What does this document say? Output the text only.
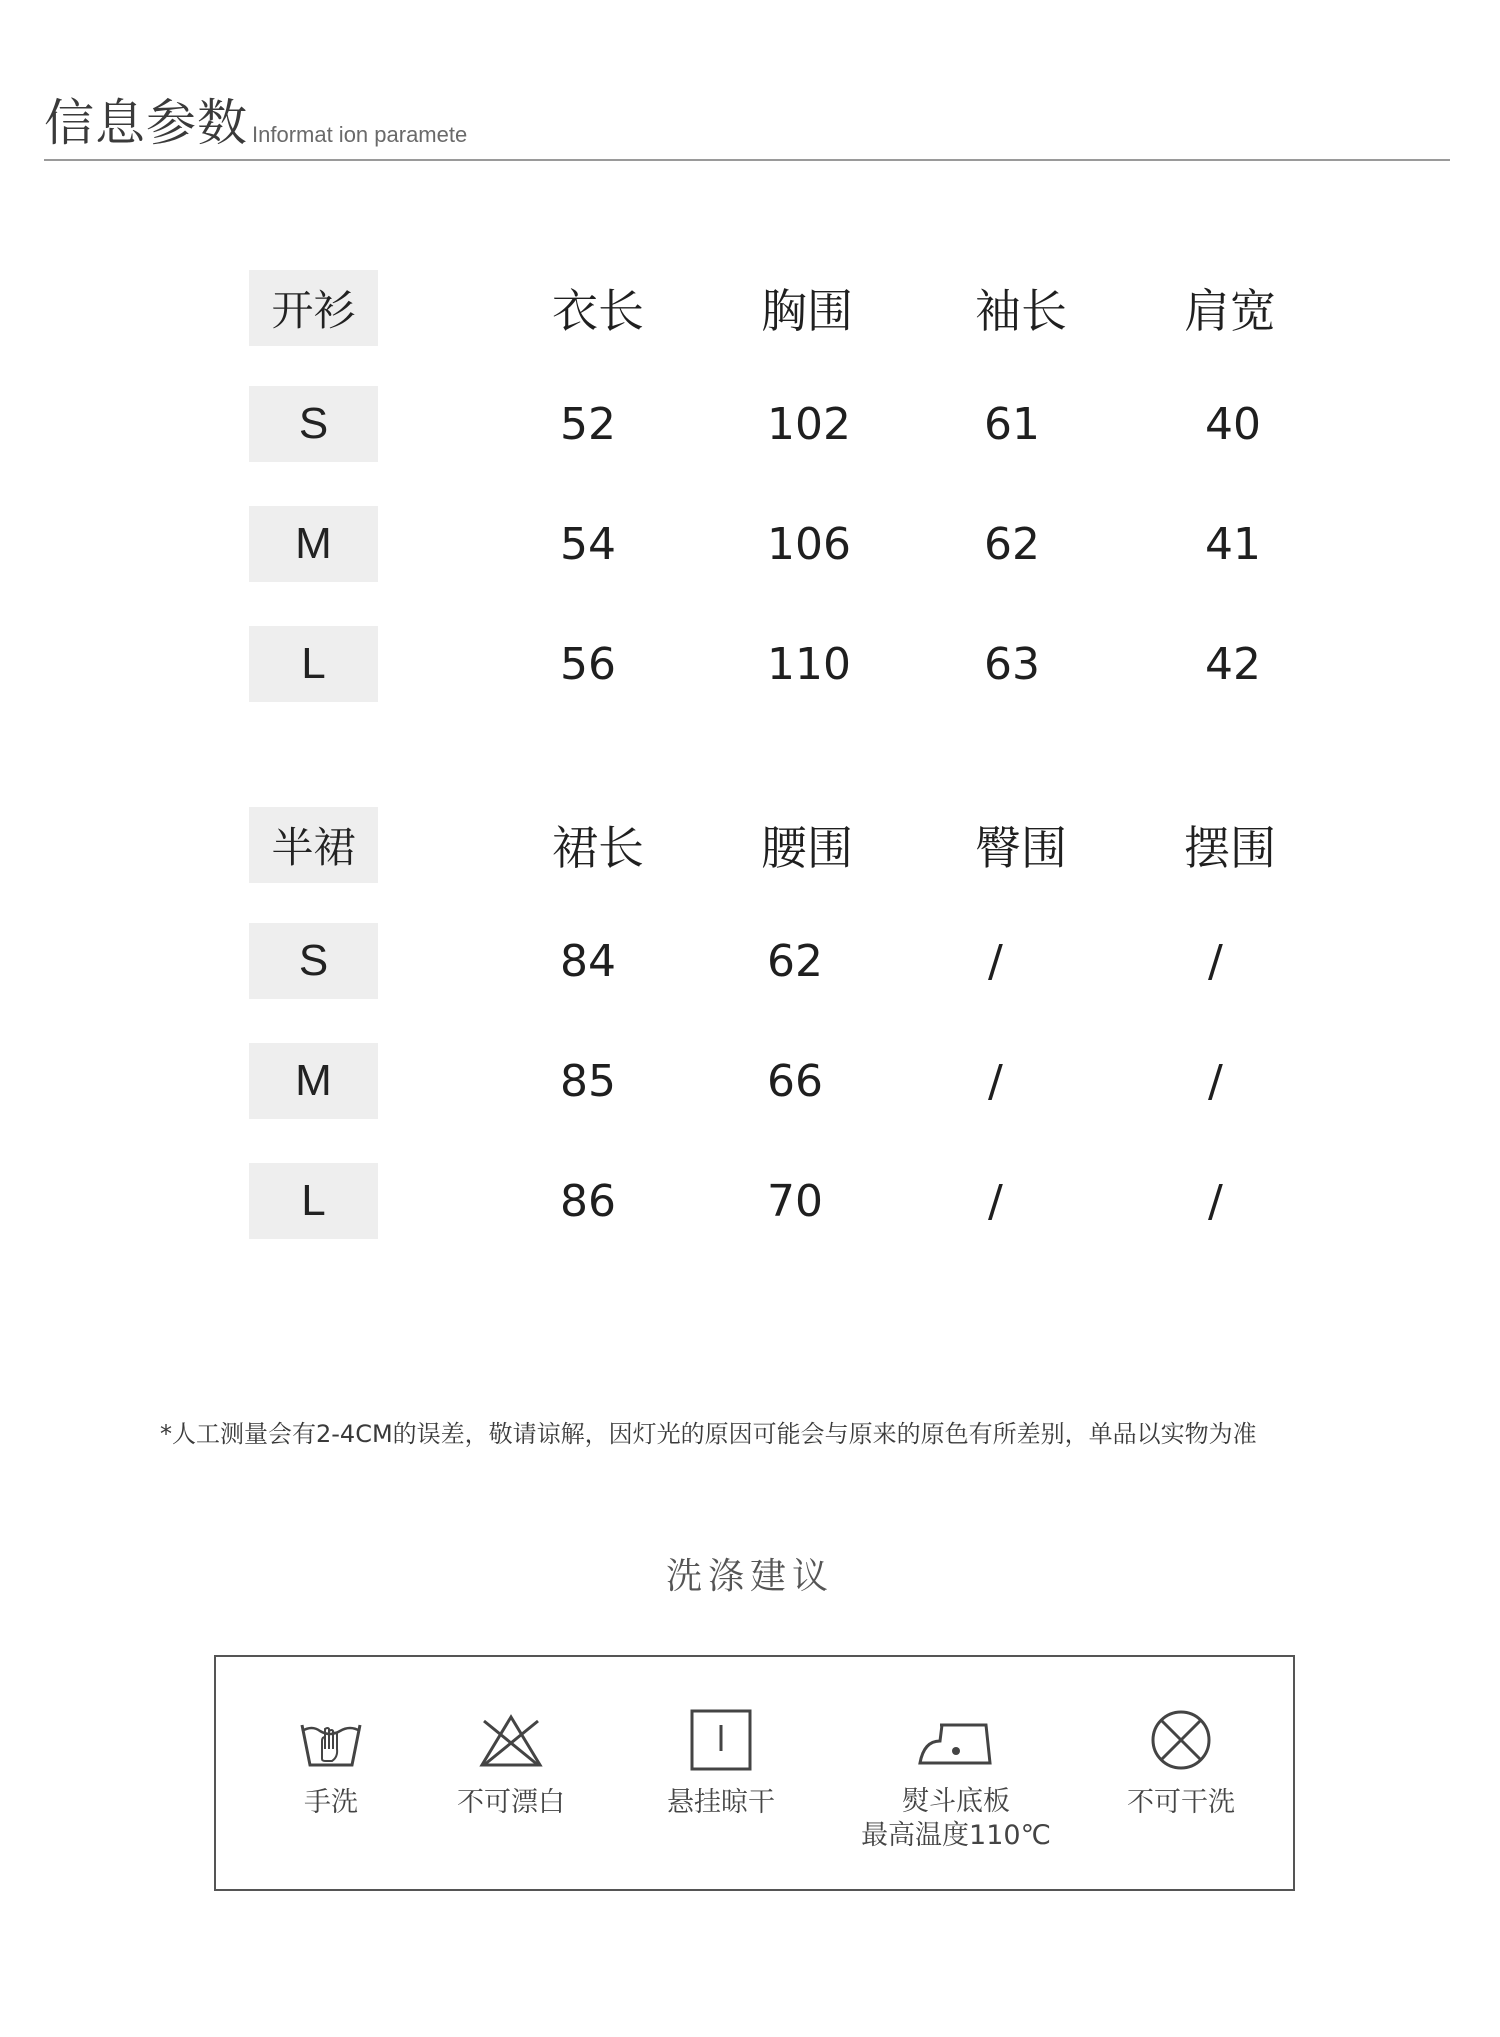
信息参数 Informat ion paramete
开衫	衣长	胸围	袖长	肩宽
S	52	102	61	40
M	54	106	62	41
L	56	110	63	42
半裙	裙长	腰围	臀围	摆围
S	84	62	/	/
M	85	66	/	/
L	86	70	/	/
*人工测量会有2-4CM的误差，敬请谅解，因灯光的原因可能会与原来的原色有所差别，单品以实物为准
洗涤建议
手洗	不可漂白	悬挂晾干	熨斗底板
最高温度110℃
不可干洗
